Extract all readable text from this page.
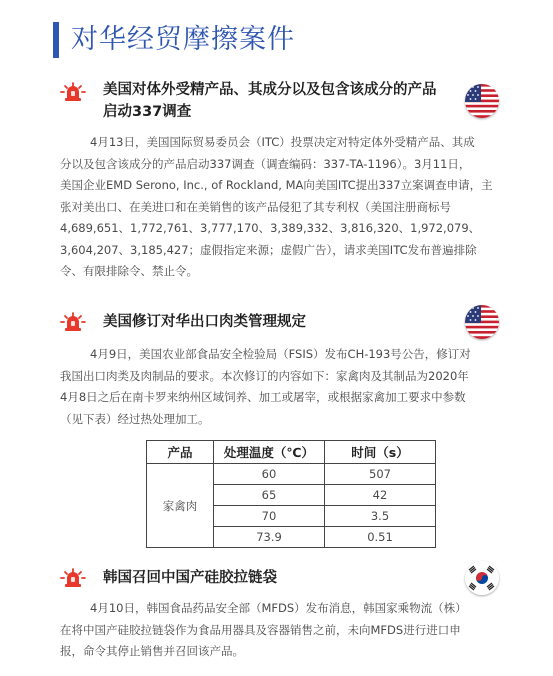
对华经贸摩擦案件
美国对体外受精产品、其成分以及包含该成分的产品
启动337调查
4月13日，美国国际贸易委员会（ITC）投票决定对特定体外受精产品、其成
分以及包含该成分的产品启动337调查（调查编码：337-TA-1196）。3月11日，
美国企业EMD Serono, Inc., of Rockland, MA向美国ITC提出337立案调查申请，主
张对美出口、在美进口和在美销售的该产品侵犯了其专利权（美国注册商标号
4,689,651、1,772,761、3,777,170、3,389,332、3,816,320、1,972,079、
3,604,207、3,185,427；虚假指定来源；虚假广告），请求美国ITC发布普遍排除
令、有限排除令、禁止令。
美国修订对华出口肉类管理规定
4月9日，美国农业部食品安全检验局（FSIS）发布CH-193号公告，修订对
我国出口肉类及肉制品的要求。本次修订的内容如下：家禽肉及其制品为2020年
4月8日之后在南卡罗来纳州区域饲养、加工或屠宰，或根据家禽加工要求中参数
（见下表）经过热处理加工。
产品	处理温度（℃）	时间（s）
家禽肉	60	507
	65	42
	70	3.5
	73.9	0.51
韩国召回中国产硅胶拉链袋
4月10日，韩国食品药品安全部（MFDS）发布消息，韩国家乘物流（株）
在将中国产硅胶拉链袋作为食品用器具及容器销售之前，未向MFDS进行进口申
报，命令其停止销售并召回该产品。
